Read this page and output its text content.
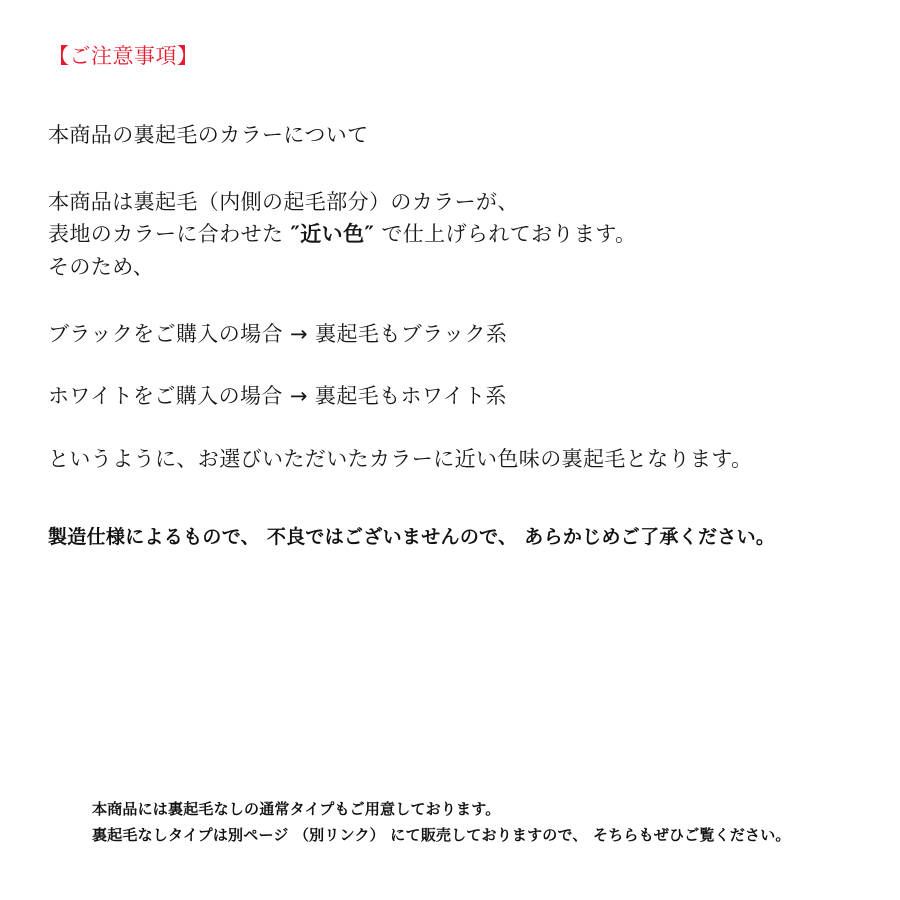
【ご注意事項】
本商品の裏起毛のカラーについて
本商品は裏起毛（内側の起毛部分）のカラーが、
表地のカラーに合わせた ″近い色″ で仕上げられております。
そのため、
ブラックをご購入の場合 → 裏起毛もブラック系
ホワイトをご購入の場合 → 裏起毛もホワイト系
というように、お選びいただいたカラーに近い色味の裏起毛となります。
製造仕様によるもので、 不良ではございませんので、 あらかじめご了承ください。
本商品には裏起毛なしの通常タイプもご用意しております。
裏起毛なしタイプは別ページ （別リンク） にて販売しておりますので、 そちらもぜひご覧ください。
